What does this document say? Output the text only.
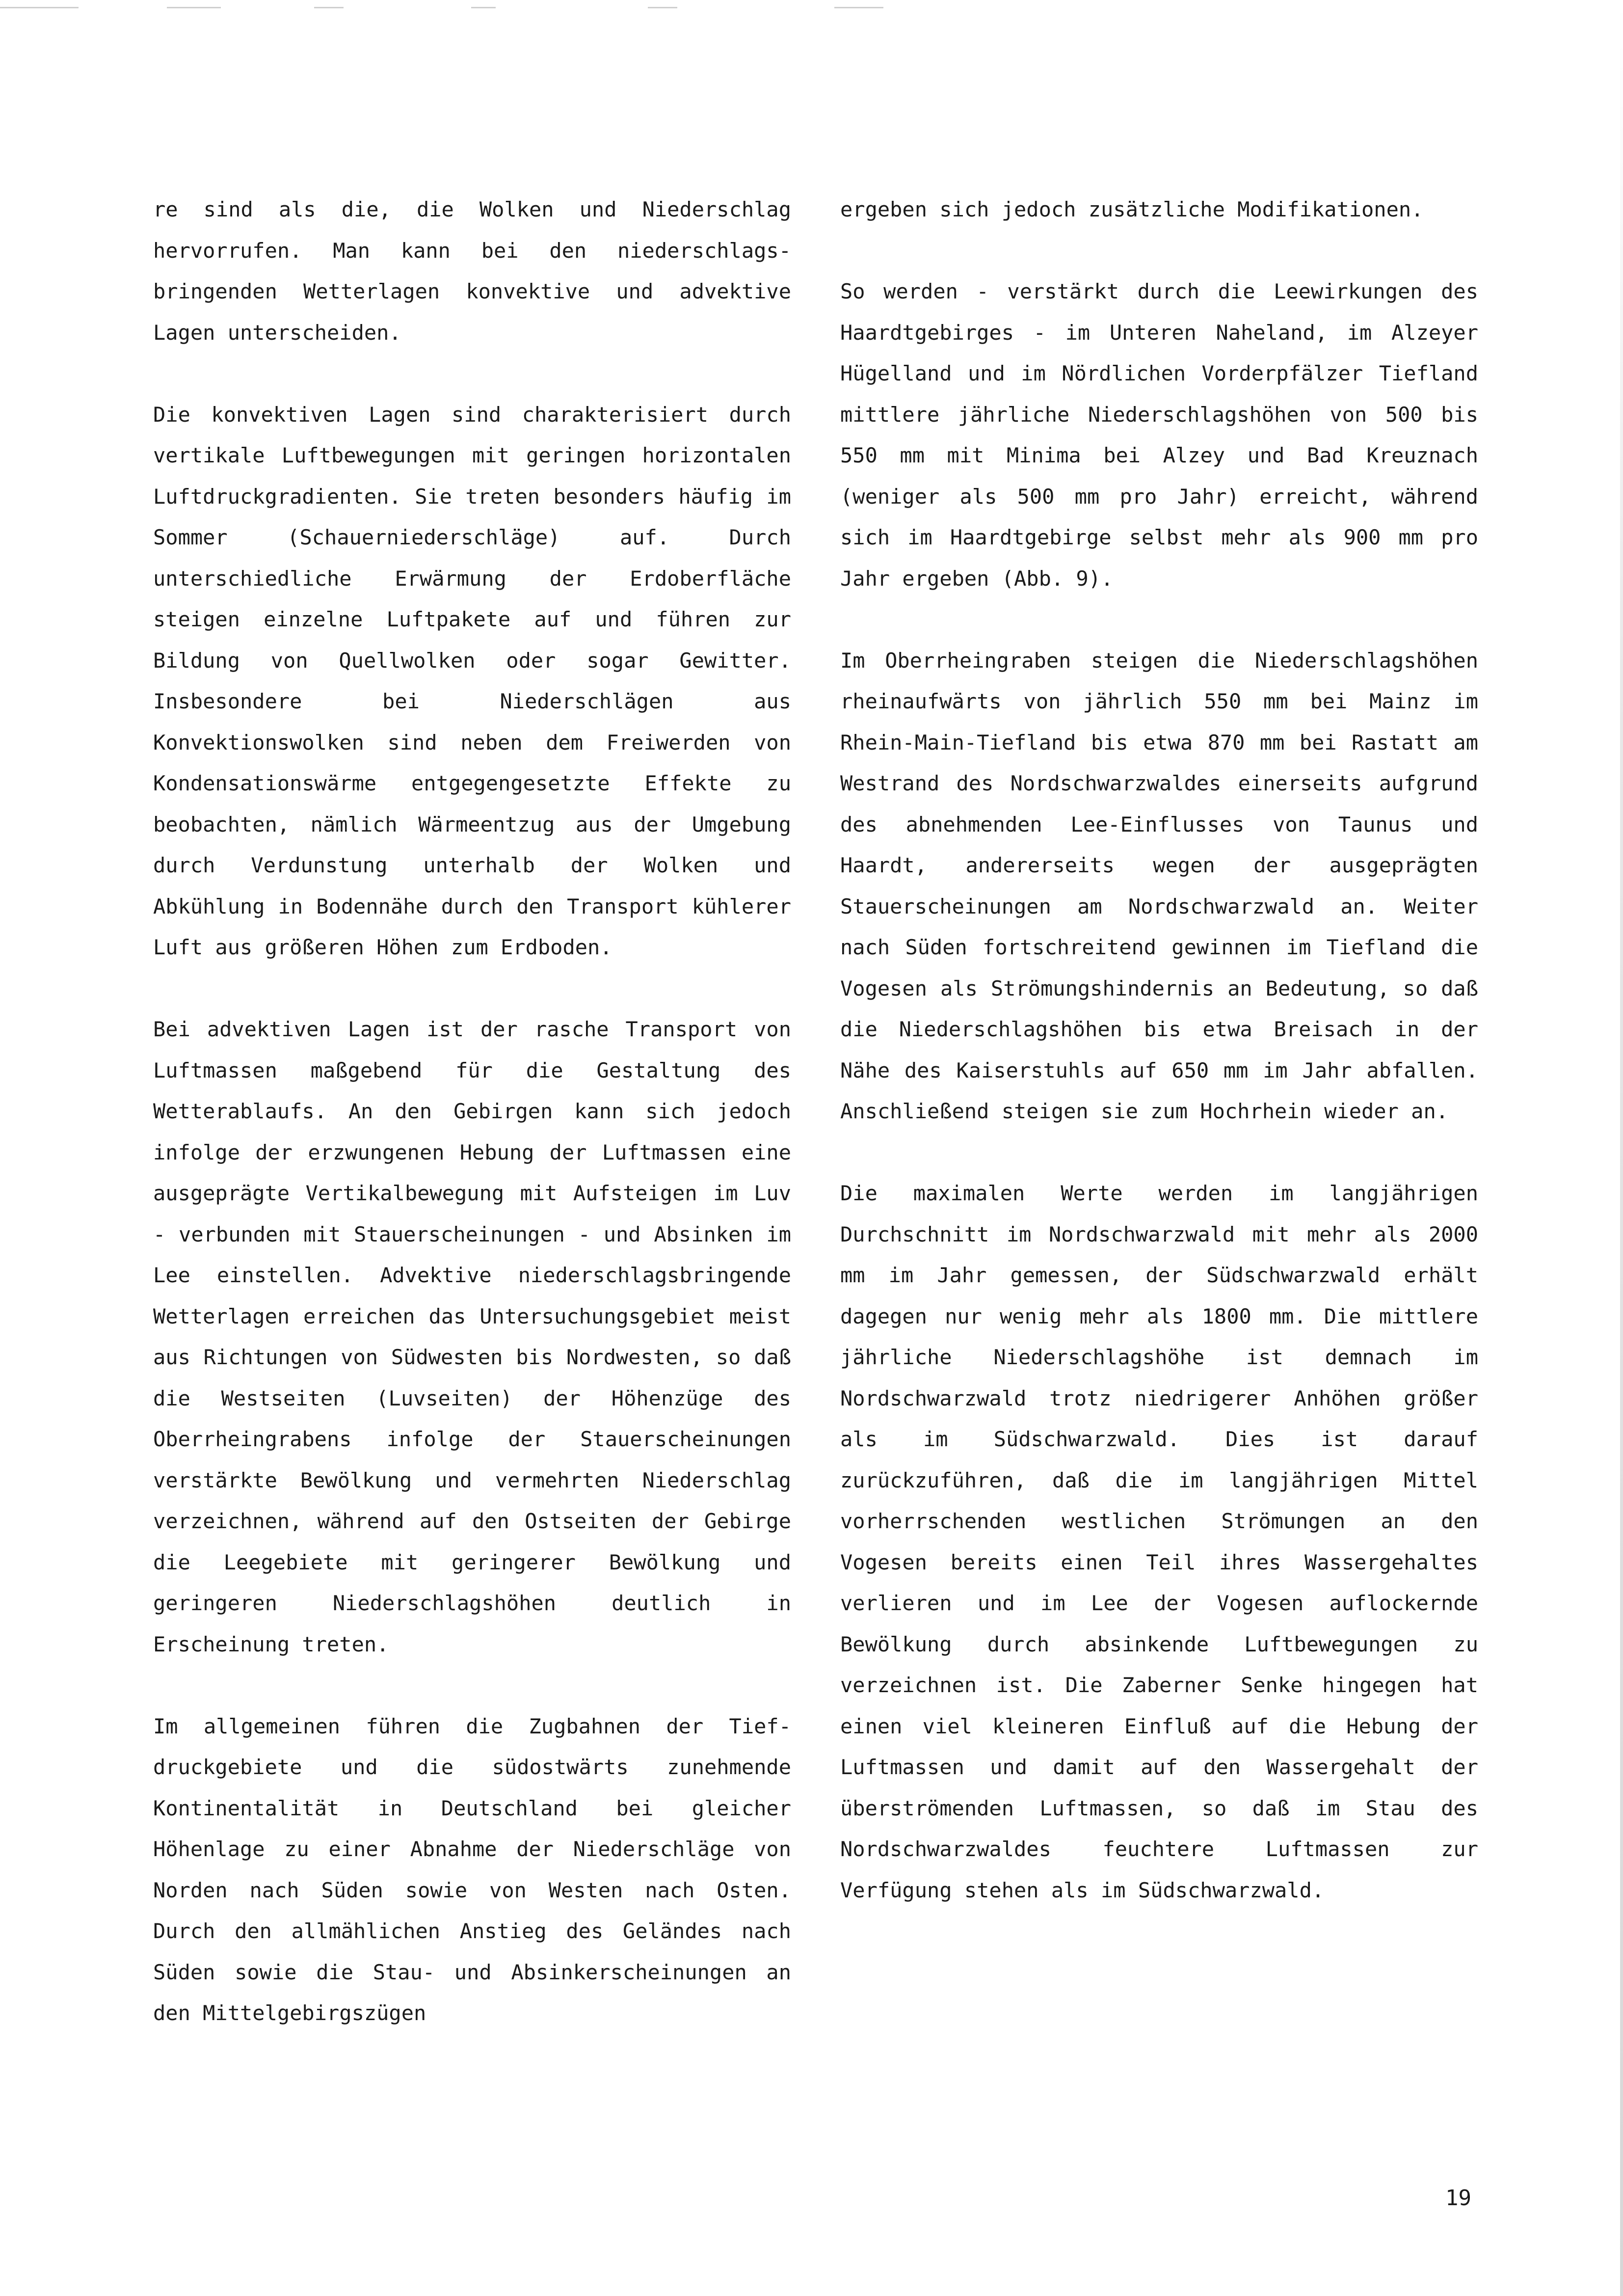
re sind als die, die Wolken und Niederschlag hervorrufen. Man kann bei den niederschlagsbringenden Wetterlagen konvektive und advektive Lagen unterscheiden.

Die konvektiven Lagen sind charakterisiert durch vertikale Luftbewegungen mit geringen horizontalen Luftdruckgradienten. Sie treten besonders häufig im Sommer (Schauerniederschläge) auf. Durch unterschiedliche Erwärmung der Erdoberfläche steigen einzelne Luftpakete auf und führen zur Bildung von Quellwolken oder sogar Gewitter. Insbesondere bei Niederschlägen aus Konvektionswolken sind neben dem Freiwerden von Kondensationswärme entgegengesetzte Effekte zu beobachten, nämlich Wärmeentzug aus der Umgebung durch Verdunstung unterhalb der Wolken und Abkühlung in Bodennähe durch den Transport kühlerer Luft aus größeren Höhen zum Erdboden.

Bei advektiven Lagen ist der rasche Transport von Luftmassen maßgebend für die Gestaltung des Wetterablaufs. An den Gebirgen kann sich jedoch infolge der erzwungenen Hebung der Luftmassen eine ausgeprägte Vertikalbewegung mit Aufsteigen im Luv - verbunden mit Stauerscheinungen - und Absinken im Lee einstellen. Advektive niederschlagsbringende Wetterlagen erreichen das Untersuchungsgebiet meist aus Richtungen von Südwesten bis Nordwesten, so daß die Westseiten (Luvseiten) der Höhenzüge des Oberrheingrabens infolge der Stauerscheinungen verstärkte Bewölkung und vermehrten Niederschlag verzeichnen, während auf den Ostseiten der Gebirge die Leegebiete mit geringerer Bewölkung und geringeren Niederschlagshöhen deutlich in Erscheinung treten.

Im allgemeinen führen die Zugbahnen der Tiefdruckgebiete und die südostwärts zunehmende Kontinentalität in Deutschland bei gleicher Höhenlage zu einer Abnahme der Niederschläge von Norden nach Süden sowie von Westen nach Osten. Durch den allmählichen Anstieg des Geländes nach Süden sowie die Stau- und Absinkerscheinungen an den Mittelgebirgszügen

ergeben sich jedoch zusätzliche Modifikationen.

So werden - verstärkt durch die Leewirkungen des Haardtgebirges - im Unteren Naheland, im Alzeyer Hügelland und im Nördlichen Vorderpfälzer Tiefland mittlere jährliche Niederschlagshöhen von 500 bis 550 mm mit Minima bei Alzey und Bad Kreuznach (weniger als 500 mm pro Jahr) erreicht, während sich im Haardtgebirge selbst mehr als 900 mm pro Jahr ergeben (Abb. 9).

Im Oberrheingraben steigen die Niederschlagshöhen rheinaufwärts von jährlich 550 mm bei Mainz im Rhein-Main-Tiefland bis etwa 870 mm bei Rastatt am Westrand des Nordschwarzwaldes einerseits aufgrund des abnehmenden Lee-Einflusses von Taunus und Haardt, andererseits wegen der ausgeprägten Stauerscheinungen am Nordschwarzwald an. Weiter nach Süden fortschreitend gewinnen im Tiefland die Vogesen als Strömungshindernis an Bedeutung, so daß die Niederschlagshöhen bis etwa Breisach in der Nähe des Kaiserstuhls auf 650 mm im Jahr abfallen. Anschließend steigen sie zum Hochrhein wieder an.

Die maximalen Werte werden im langjährigen Durchschnitt im Nordschwarzwald mit mehr als 2000 mm im Jahr gemessen, der Südschwarzwald erhält dagegen nur wenig mehr als 1800 mm. Die mittlere jährliche Niederschlagshöhe ist demnach im Nordschwarzwald trotz niedrigerer Anhöhen größer als im Südschwarzwald. Dies ist darauf zurückzuführen, daß die im langjährigen Mittel vorherrschenden westlichen Strömungen an den Vogesen bereits einen Teil ihres Wassergehaltes verlieren und im Lee der Vogesen auflockernde Bewölkung durch absinkende Luftbewegungen zu verzeichnen ist. Die Zaberner Senke hingegen hat einen viel kleineren Einfluß auf die Hebung der Luftmassen und damit auf den Wassergehalt der überströmenden Luftmassen, so daß im Stau des Nordschwarzwaldes feuchtere Luftmassen zur Verfügung stehen als im Südschwarzwald.

19
